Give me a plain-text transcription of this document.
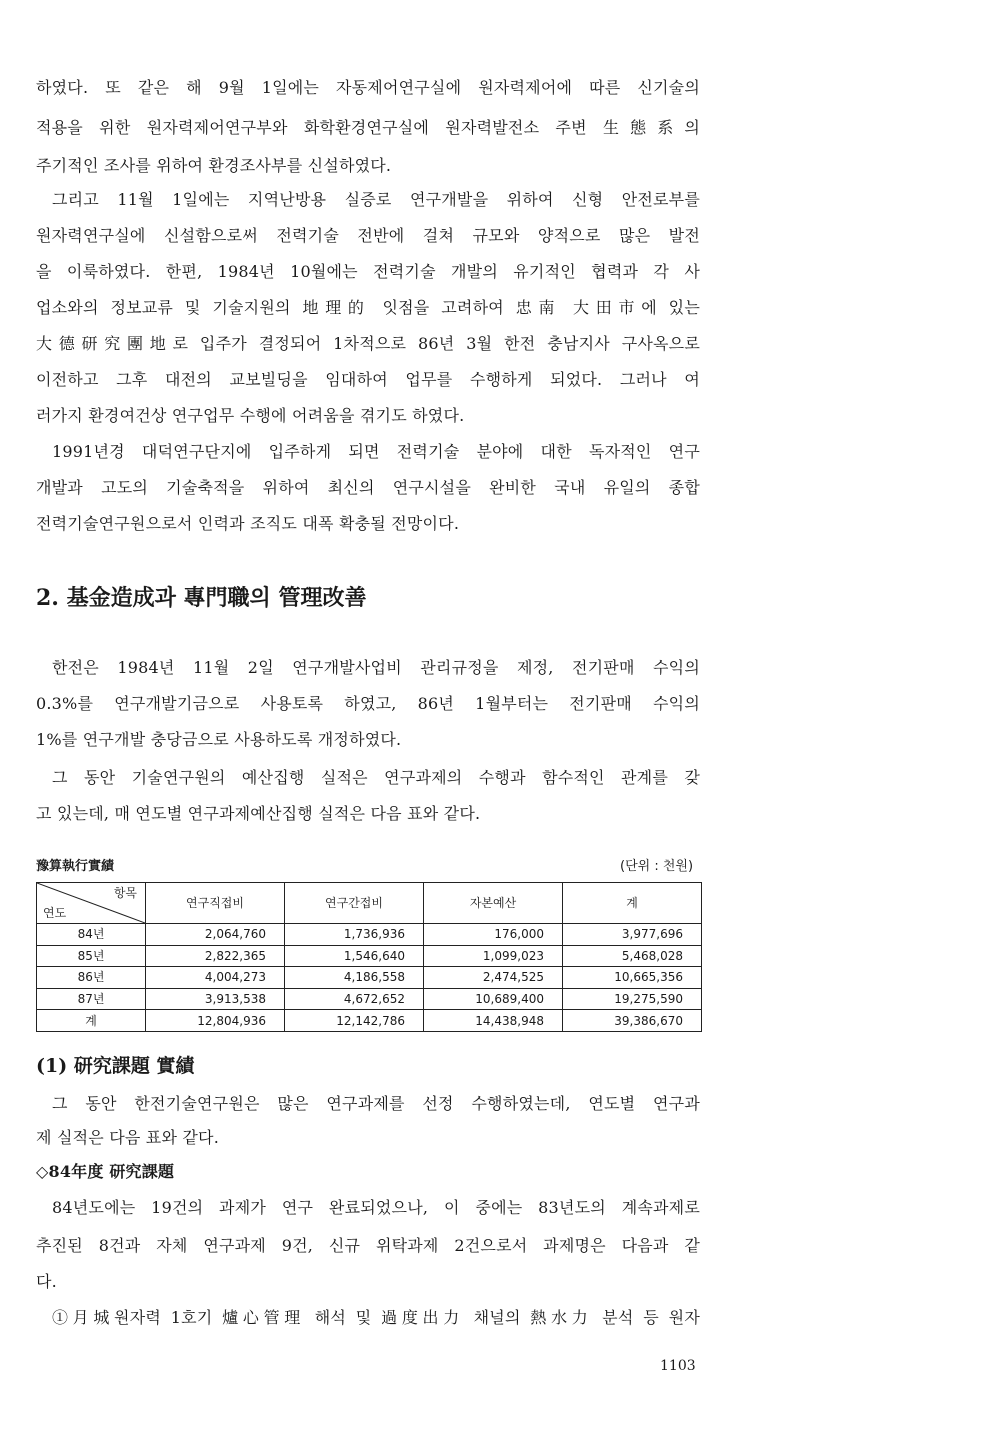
하였다. 또 같은 해 9월 1일에는 자동제어연구실에 원자력제어에 따른 신기술의
적용을 위한 원자력제어연구부와 화학환경연구실에 원자력발전소 주변 生態系의
주기적인 조사를 위하여 환경조사부를 신설하였다.
그리고 11월 1일에는 지역난방용 실증로 연구개발을 위하여 신형 안전로부를
원자력연구실에 신설함으로써 전력기술 전반에 걸쳐 규모와 양적으로 많은 발전
을 이룩하였다. 한편, 1984년 10월에는 전력기술 개발의 유기적인 협력과 각 사
업소와의 정보교류 및 기술지원의 地理的 잇점을 고려하여 忠南 大田市에 있는
大德研究團地로 입주가 결정되어 1차적으로 86년 3월 한전 충남지사 구사옥으로
이전하고 그후 대전의 교보빌딩을 임대하여 업무를 수행하게 되었다. 그러나 여
러가지 환경여건상 연구업무 수행에 어려움을 겪기도 하였다.
1991년경 대덕연구단지에 입주하게 되면 전력기술 분야에 대한 독자적인 연구
개발과 고도의 기술축적을 위하여 최신의 연구시설을 완비한 국내 유일의 종합
전력기술연구원으로서 인력과 조직도 대폭 확충될 전망이다.
2. 基金造成과 專門職의 管理改善
한전은 1984년 11월 2일 연구개발사업비 관리규정을 제정, 전기판매 수익의
0.3%를 연구개발기금으로 사용토록 하였고, 86년 1월부터는 전기판매 수익의
1%를 연구개발 충당금으로 사용하도록 개정하였다.
그 동안 기술연구원의 예산집행 실적은 연구과제의 수행과 함수적인 관계를 갖
고 있는데, 매 연도별 연구과제예산집행 실적은 다음 표와 같다.
豫算執行實績	(단위 : 천원)
항목
연도	연구직접비	연구간접비	자본예산	계
84년	2,064,760	1,736,936	176,000	3,977,696
85년	2,822,365	1,546,640	1,099,023	5,468,028
86년	4,004,273	4,186,558	2,474,525	10,665,356
87년	3,913,538	4,672,652	10,689,400	19,275,590
계	12,804,936	12,142,786	14,438,948	39,386,670
(1) 研究課題 實績
그 동안 한전기술연구원은 많은 연구과제를 선정 수행하였는데, 연도별 연구과
제 실적은 다음 표와 같다.
◇84年度 研究課題
84년도에는 19건의 과제가 연구 완료되었으나, 이 중에는 83년도의 계속과제로
추진된 8건과 자체 연구과제 9건, 신규 위탁과제 2건으로서 과제명은 다음과 같
다.
①月城원자력 1호기 爐心管理 해석 및 過度出力 채널의 熱水力 분석 등 원자
1103
